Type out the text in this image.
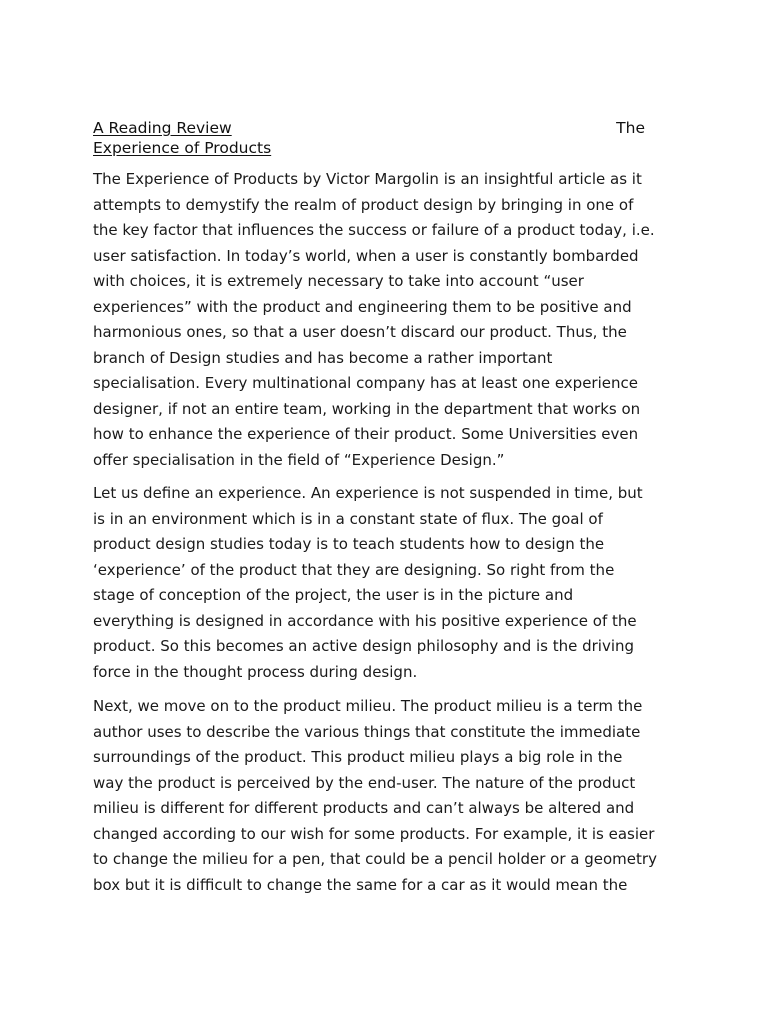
A Reading Review	The
Experience of Products

The Experience of Products by Victor Margolin is an insightful article as it
attempts to demystify the realm of product design by bringing in one of
the key factor that influences the success or failure of a product today, i.e.
user satisfaction. In today’s world, when a user is constantly bombarded
with choices, it is extremely necessary to take into account “user
experiences” with the product and engineering them to be positive and
harmonious ones, so that a user doesn’t discard our product. Thus, the
branch of Design studies and has become a rather important
specialisation. Every multinational company has at least one experience
designer, if not an entire team, working in the department that works on
how to enhance the experience of their product. Some Universities even
offer specialisation in the field of “Experience Design.”

Let us define an experience. An experience is not suspended in time, but
is in an environment which is in a constant state of flux. The goal of
product design studies today is to teach students how to design the
‘experience’ of the product that they are designing. So right from the
stage of conception of the project, the user is in the picture and
everything is designed in accordance with his positive experience of the
product. So this becomes an active design philosophy and is the driving
force in the thought process during design.

Next, we move on to the product milieu. The product milieu is a term the
author uses to describe the various things that constitute the immediate
surroundings of the product. This product milieu plays a big role in the
way the product is perceived by the end-user. The nature of the product
milieu is different for different products and can’t always be altered and
changed according to our wish for some products. For example, it is easier
to change the milieu for a pen, that could be a pencil holder or a geometry
box but it is difficult to change the same for a car as it would mean the
